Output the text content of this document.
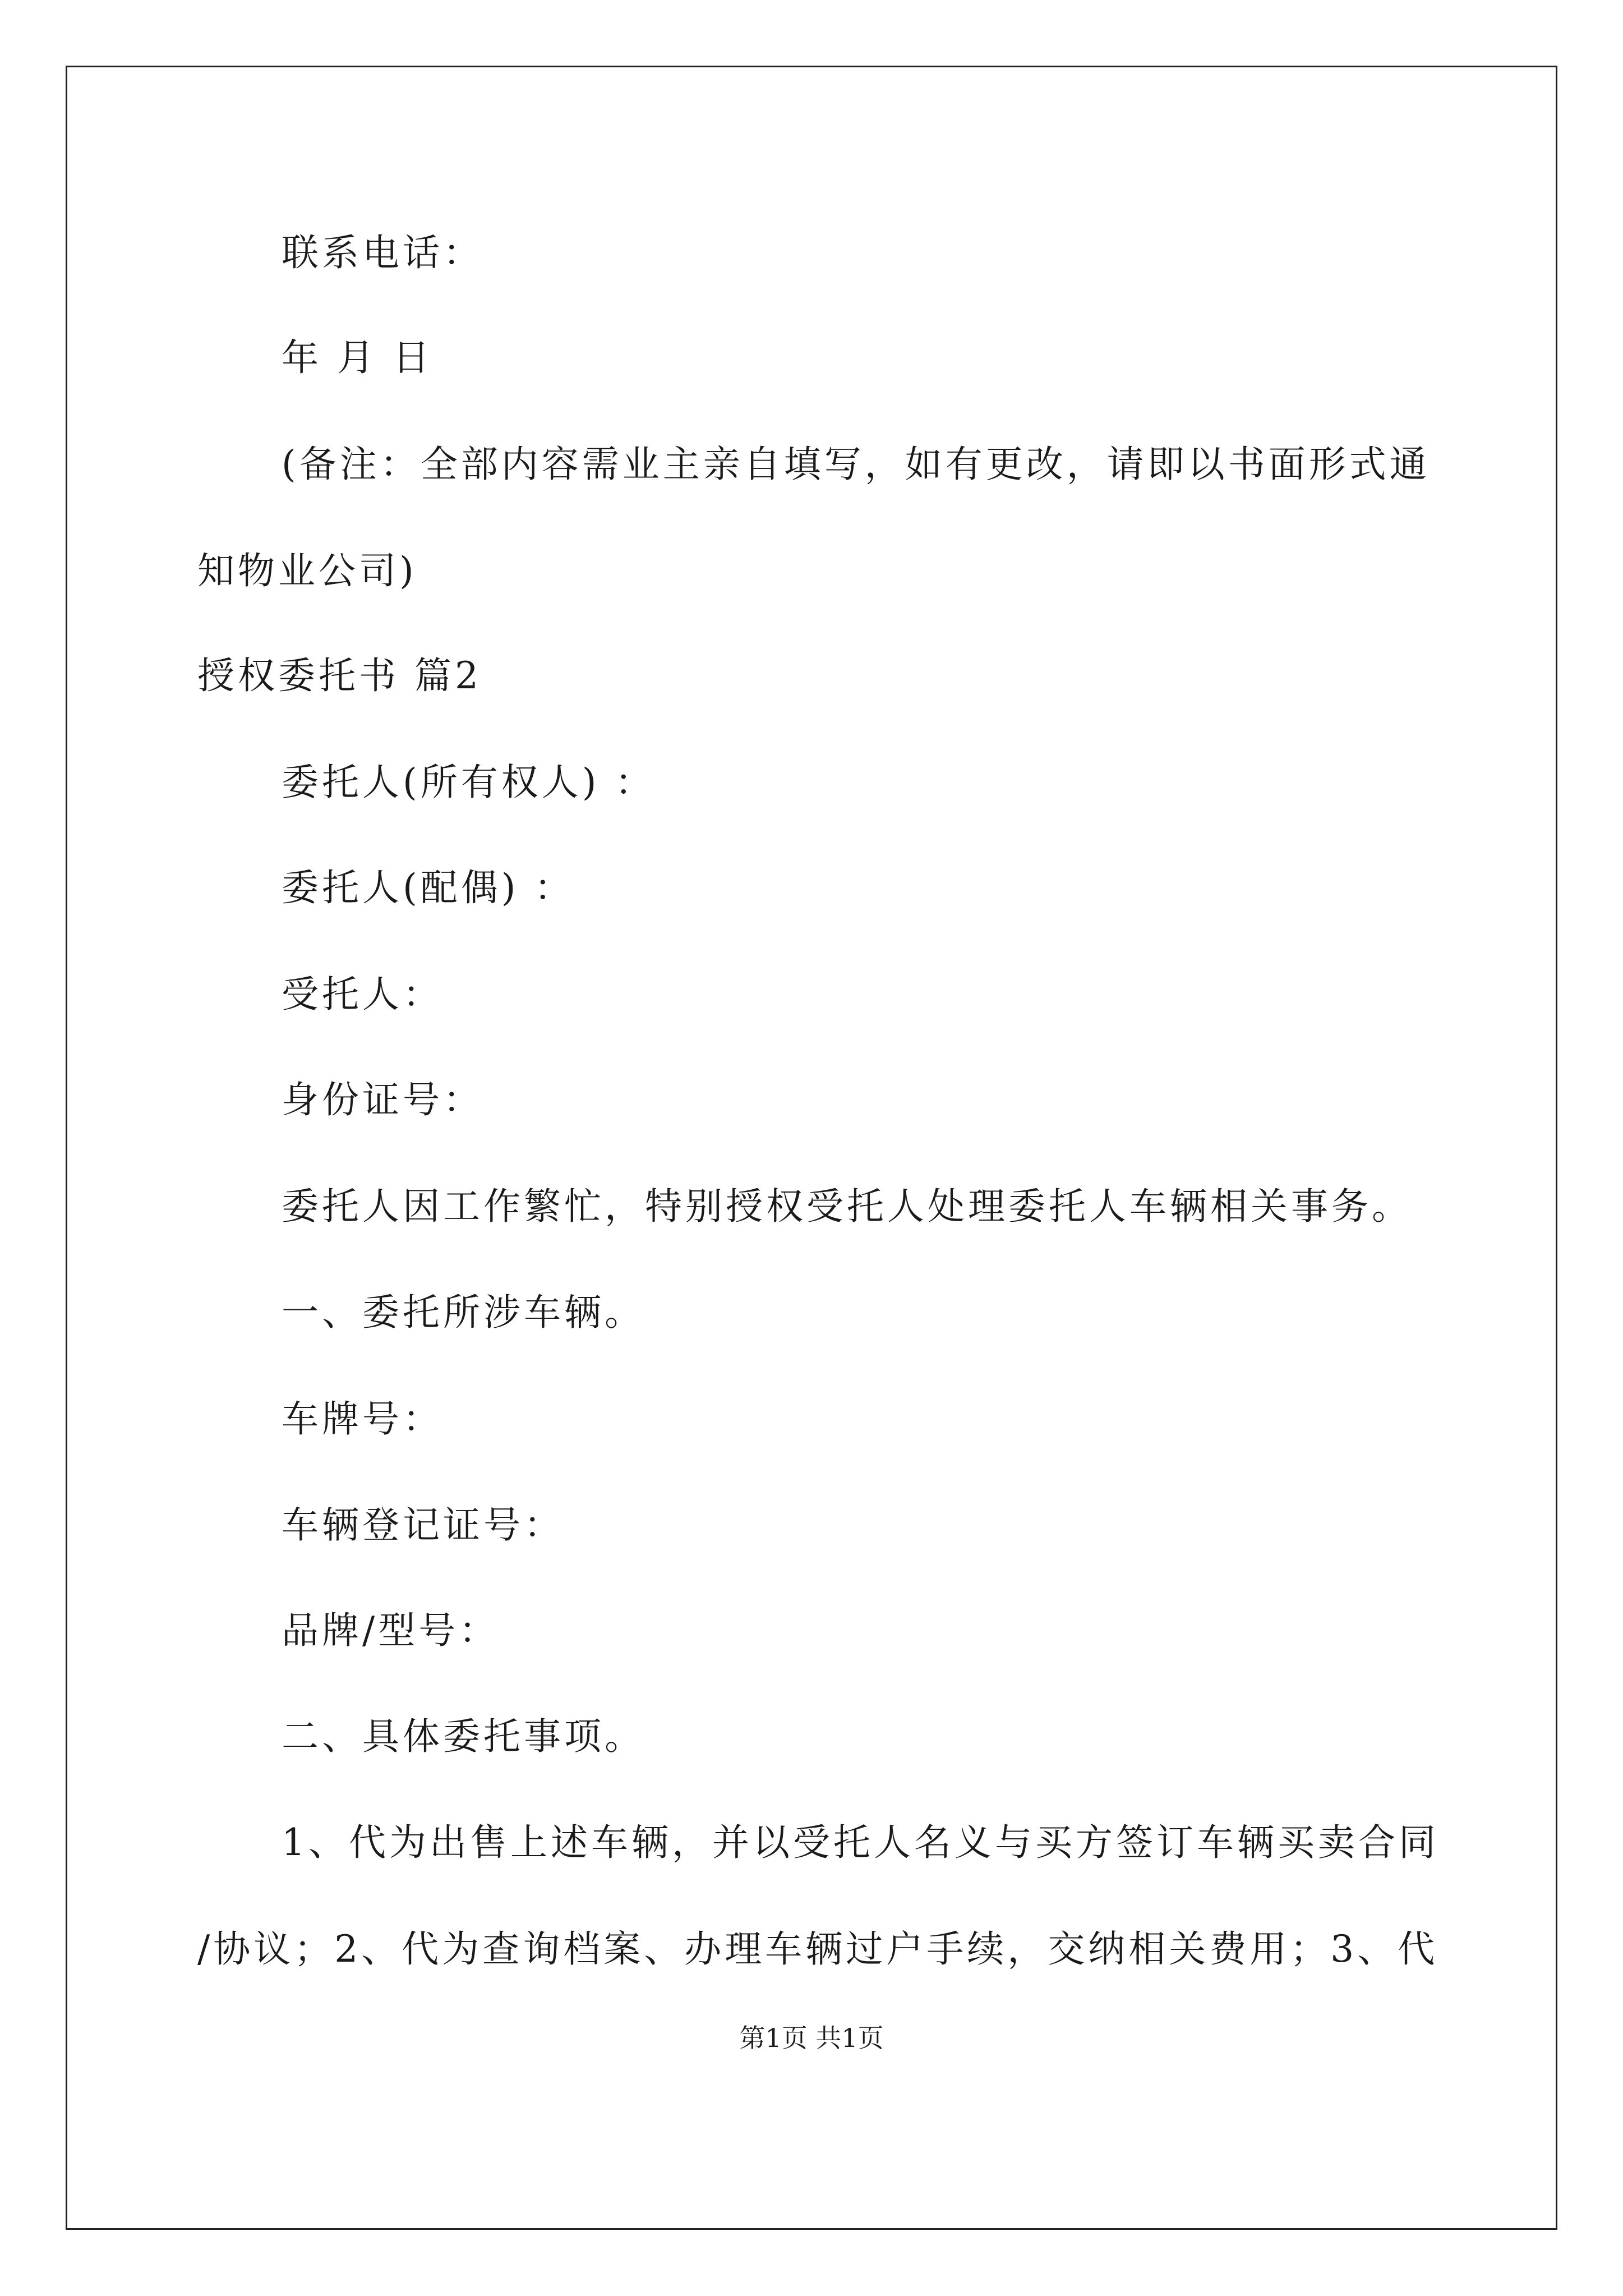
联系电话：
年 月 日
(备注：全部内容需业主亲自填写，如有更改，请即以书面形式通
知物业公司)
授权委托书 篇2
委托人(所有权人) ：
委托人(配偶) ：
受托人：
身份证号：
委托人因工作繁忙，特别授权受托人处理委托人车辆相关事务。
一、委托所涉车辆。
车牌号：
车辆登记证号：
品牌/型号：
二、具体委托事项。
1、代为出售上述车辆，并以受托人名义与买方签订车辆买卖合同
/协议；2、代为查询档案、办理车辆过户手续，交纳相关费用；3、代
第1页 共1页
